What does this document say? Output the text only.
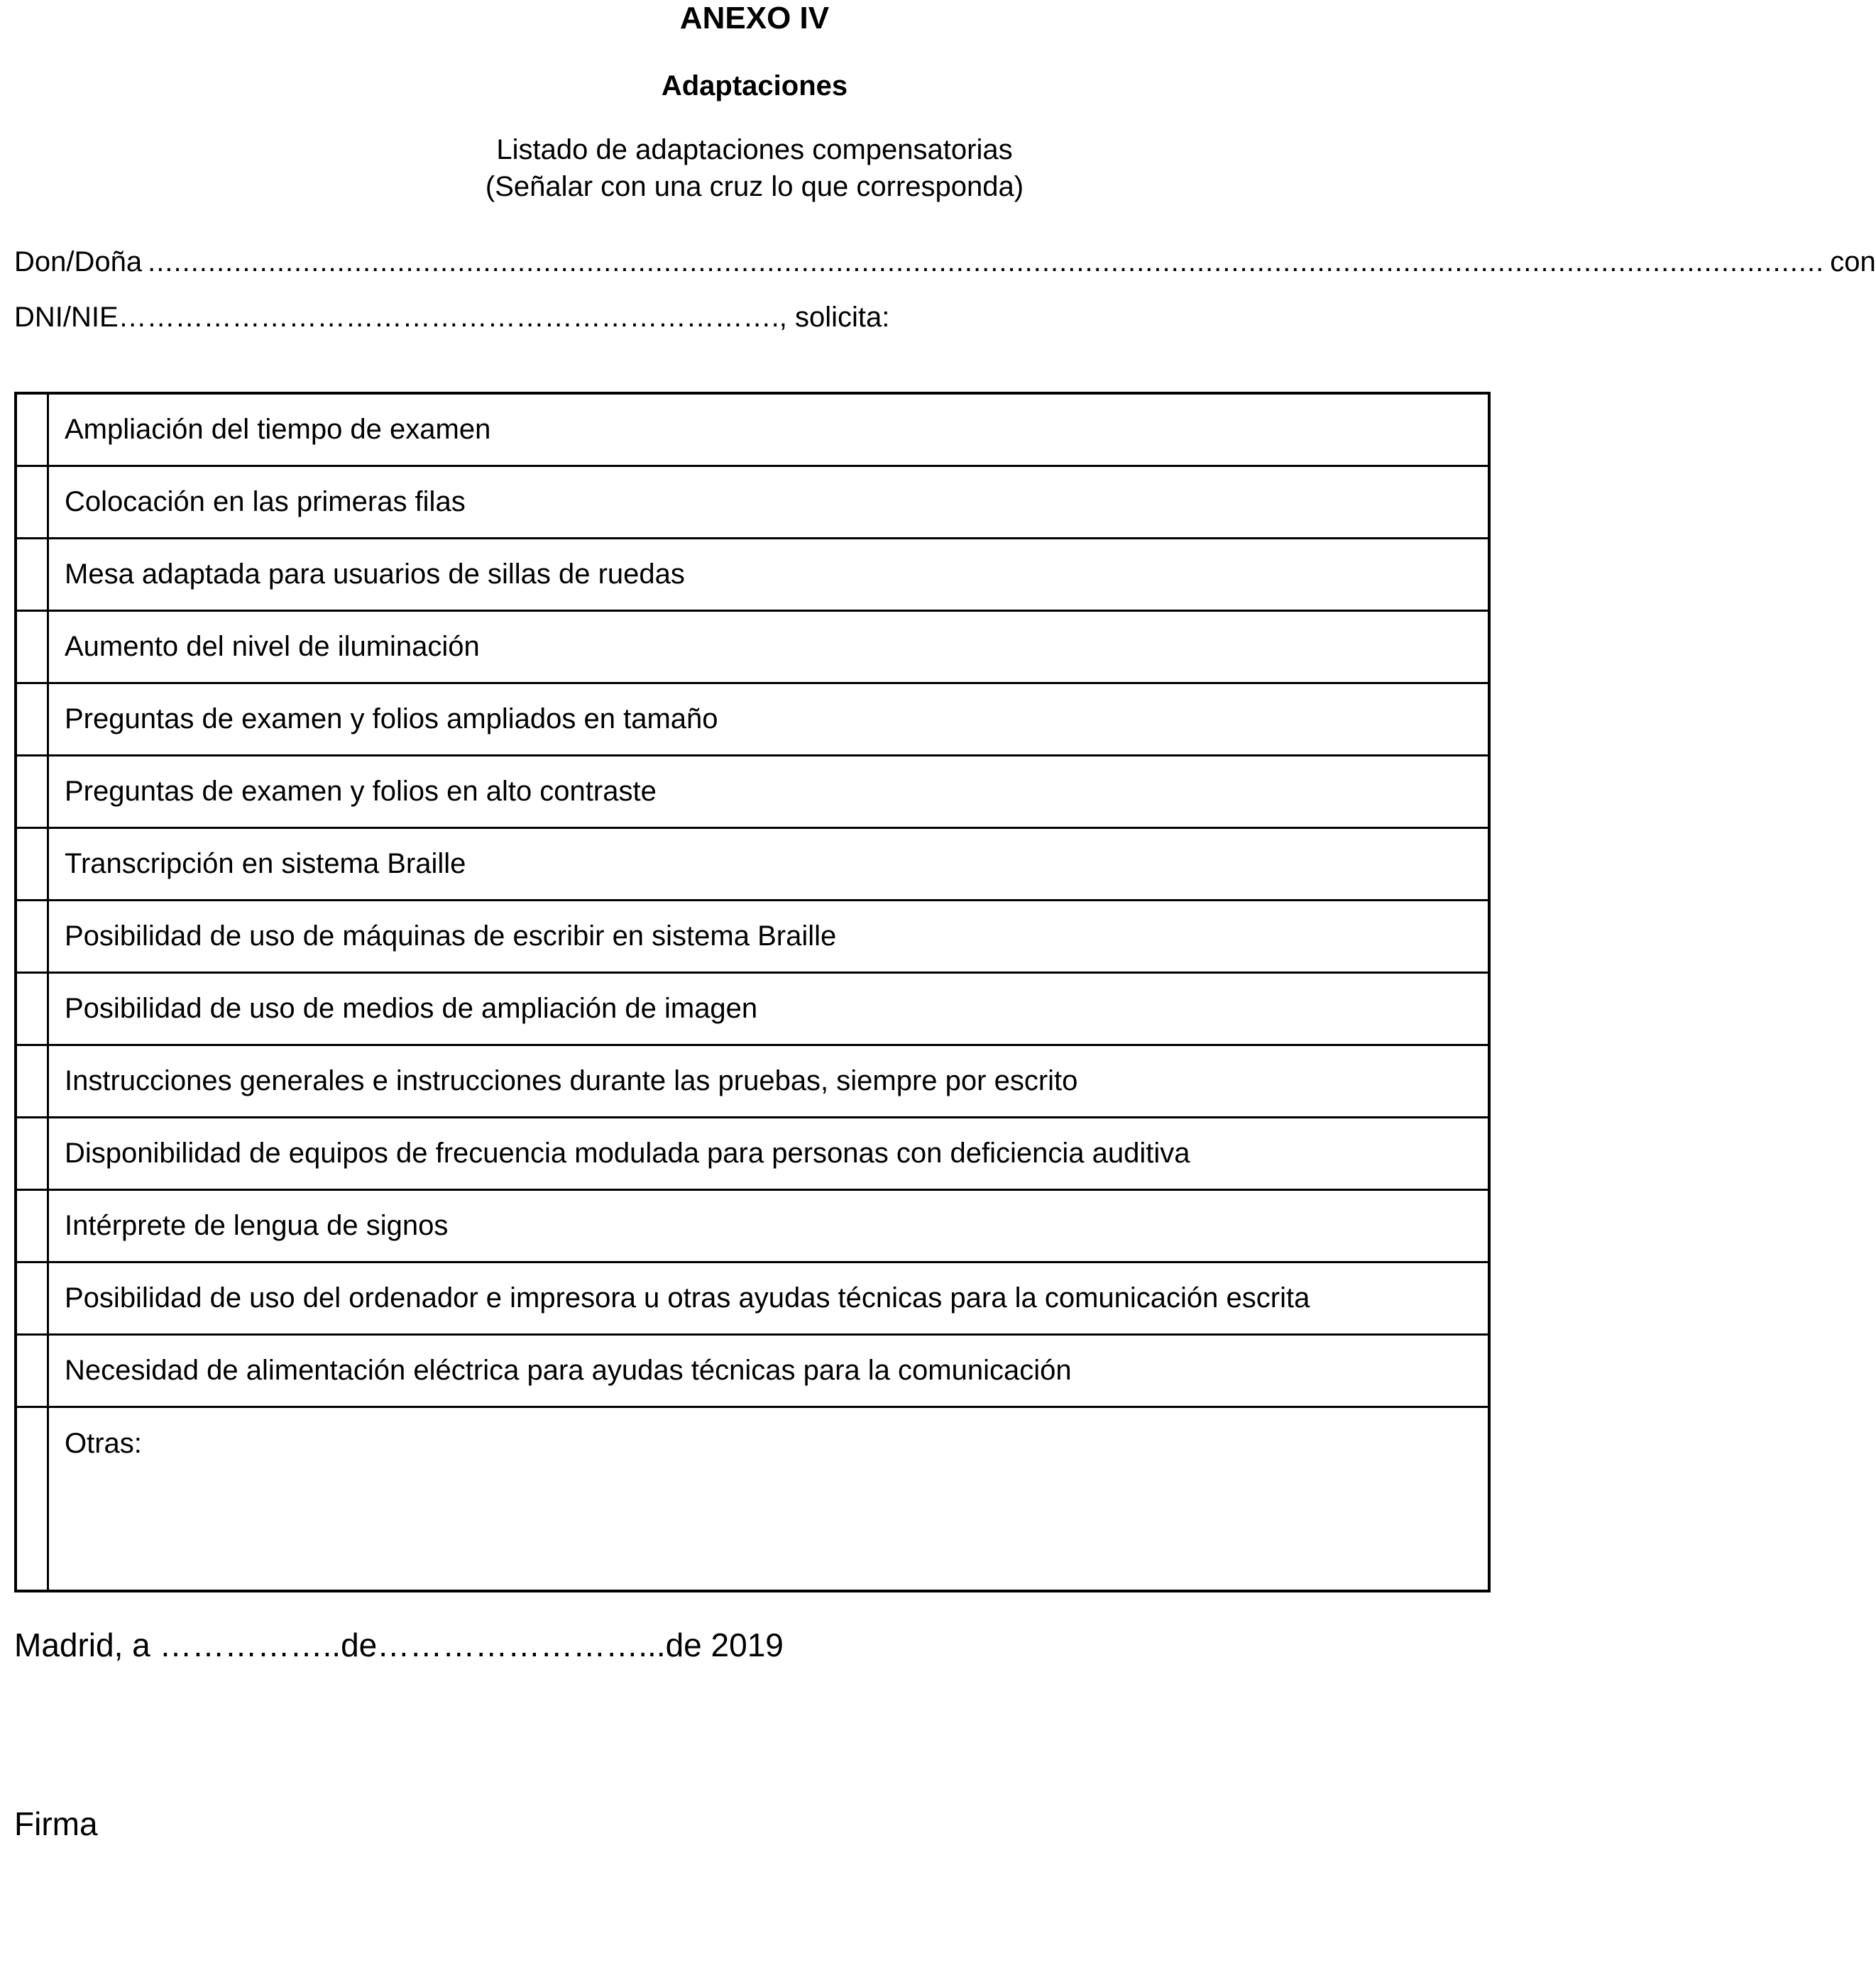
ANEXO IV
Adaptaciones
Listado de adaptaciones compensatorias
(Señalar con una cruz lo que corresponda)
Don/Doña ................................................................................................................................................................................................... con
DNI/NIE……………………………………………………………., solicita:
	Ampliación del tiempo de examen
	Colocación en las primeras filas
	Mesa adaptada para usuarios de sillas de ruedas
	Aumento del nivel de iluminación
	Preguntas de examen y folios ampliados en tamaño
	Preguntas de examen y folios en alto contraste
	Transcripción en sistema Braille
	Posibilidad de uso de máquinas de escribir en sistema Braille
	Posibilidad de uso de medios de ampliación de imagen
	Instrucciones generales e instrucciones durante las pruebas, siempre por escrito
	Disponibilidad de equipos de frecuencia modulada para personas con deficiencia auditiva
	Intérprete de lengua de signos
	Posibilidad de uso del ordenador e impresora u otras ayudas técnicas para la comunicación escrita
	Necesidad de alimentación eléctrica para ayudas técnicas para la comunicación
	Otras:
Madrid, a ……………..de……………………...de 2019
Firma
